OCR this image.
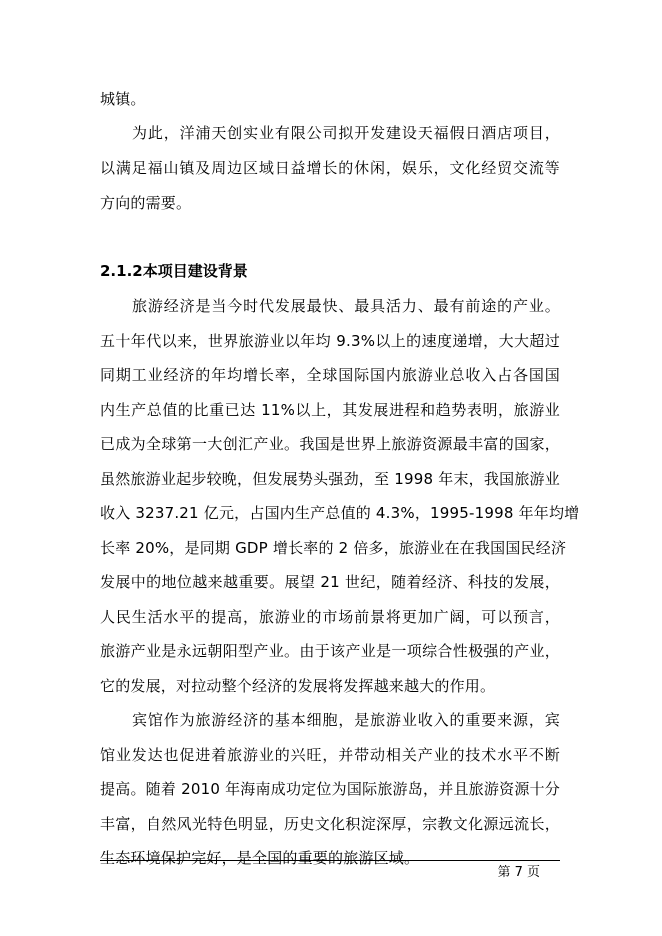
城镇。
为此，洋浦天创实业有限公司拟开发建设天福假日酒店项目，
以满足福山镇及周边区域日益增长的休闲，娱乐，文化经贸交流等
方向的需要。
2.1.2本项目建设背景
旅游经济是当今时代发展最快、最具活力、最有前途的产业。
五十年代以来，世界旅游业以年均 9.3%以上的速度递增，大大超过
同期工业经济的年均增长率，全球国际国内旅游业总收入占各国国
内生产总值的比重已达 11%以上，其发展进程和趋势表明，旅游业
已成为全球第一大创汇产业。我国是世界上旅游资源最丰富的国家，
虽然旅游业起步较晚，但发展势头强劲，至 1998 年末，我国旅游业
收入 3237.21 亿元，占国内生产总值的 4.3%，1995-1998 年年均增
长率 20%，是同期 GDP 增长率的 2 倍多，旅游业在在我国国民经济
发展中的地位越来越重要。展望 21 世纪，随着经济、科技的发展，
人民生活水平的提高，旅游业的市场前景将更加广阔，可以预言，
旅游产业是永远朝阳型产业。由于该产业是一项综合性极强的产业，
它的发展，对拉动整个经济的发展将发挥越来越大的作用。
宾馆作为旅游经济的基本细胞，是旅游业收入的重要来源，宾
馆业发达也促进着旅游业的兴旺，并带动相关产业的技术水平不断
提高。随着 2010 年海南成功定位为国际旅游岛，并且旅游资源十分
丰富，自然风光特色明显，历史文化积淀深厚，宗教文化源远流长，
生态环境保护完好，是全国的重要的旅游区域。
第 7 页
